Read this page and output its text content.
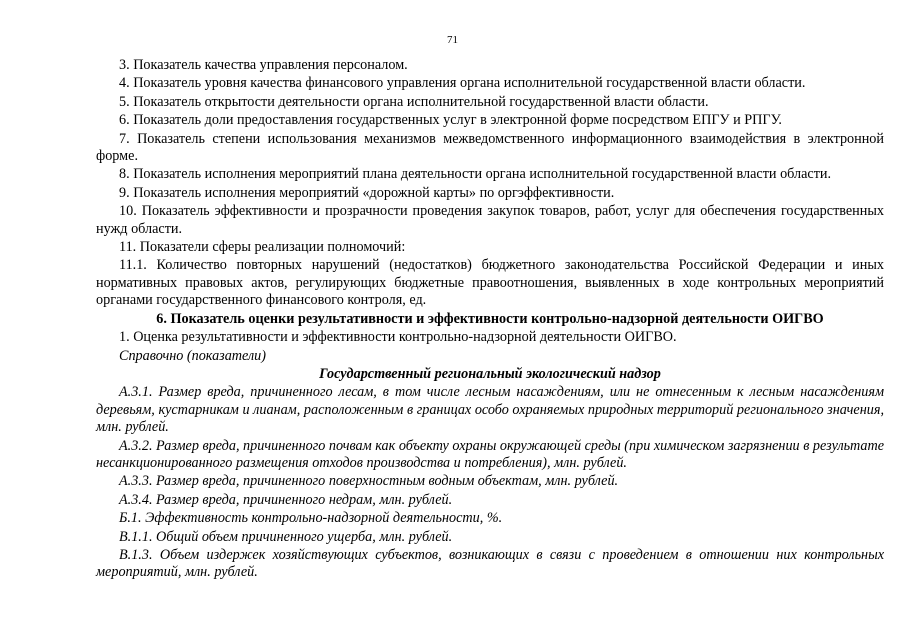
71

3. Показатель качества управления персоналом.

4. Показатель уровня качества финансового управления органа исполнительной государственной власти области.

5. Показатель открытости деятельности органа исполнительной государственной власти области.

6. Показатель доли предоставления государственных услуг в электронной форме посредством ЕПГУ и РПГУ.

7. Показатель степени использования механизмов межведомственного информационного взаимодействия в электронной форме.

8. Показатель исполнения мероприятий плана деятельности органа исполнительной государственной власти области.

9. Показатель исполнения мероприятий «дорожной карты» по оргэффективности.

10. Показатель эффективности и прозрачности проведения закупок товаров, работ, услуг для обеспечения государственных нужд области.

11. Показатели сферы реализации полномочий:

11.1. Количество повторных нарушений (недостатков) бюджетного законодательства Российской Федерации и иных нормативных правовых актов, регулирующих бюджетные правоотношения, выявленных в ходе контрольных мероприятий органами государственного финансового контроля, ед.

6. Показатель оценки результативности и эффективности контрольно-надзорной деятельности ОИГВО

1. Оценка результативности и эффективности контрольно-надзорной деятельности ОИГВО.

Справочно (показатели)

Государственный региональный экологический надзор

А.3.1. Размер вреда, причиненного лесам, в том числе лесным насаждениям, или не отнесенным к лесным насаждениям деревьям, кустарникам и лианам, расположенным в границах особо охраняемых природных территорий регионального значения, млн. рублей.

А.3.2. Размер вреда, причиненного почвам как объекту охраны окружающей среды (при химическом загрязнении в результате несанкционированного размещения отходов производства и потребления), млн. рублей.

А.3.3. Размер вреда, причиненного поверхностным водным объектам, млн. рублей.

А.3.4. Размер вреда, причиненного недрам, млн. рублей.

Б.1. Эффективность контрольно-надзорной деятельности, %.

В.1.1. Общий объем причиненного ущерба, млн. рублей.

В.1.3. Объем издержек хозяйствующих субъектов, возникающих в связи с проведением в отношении них контрольных мероприятий, млн. рублей.
